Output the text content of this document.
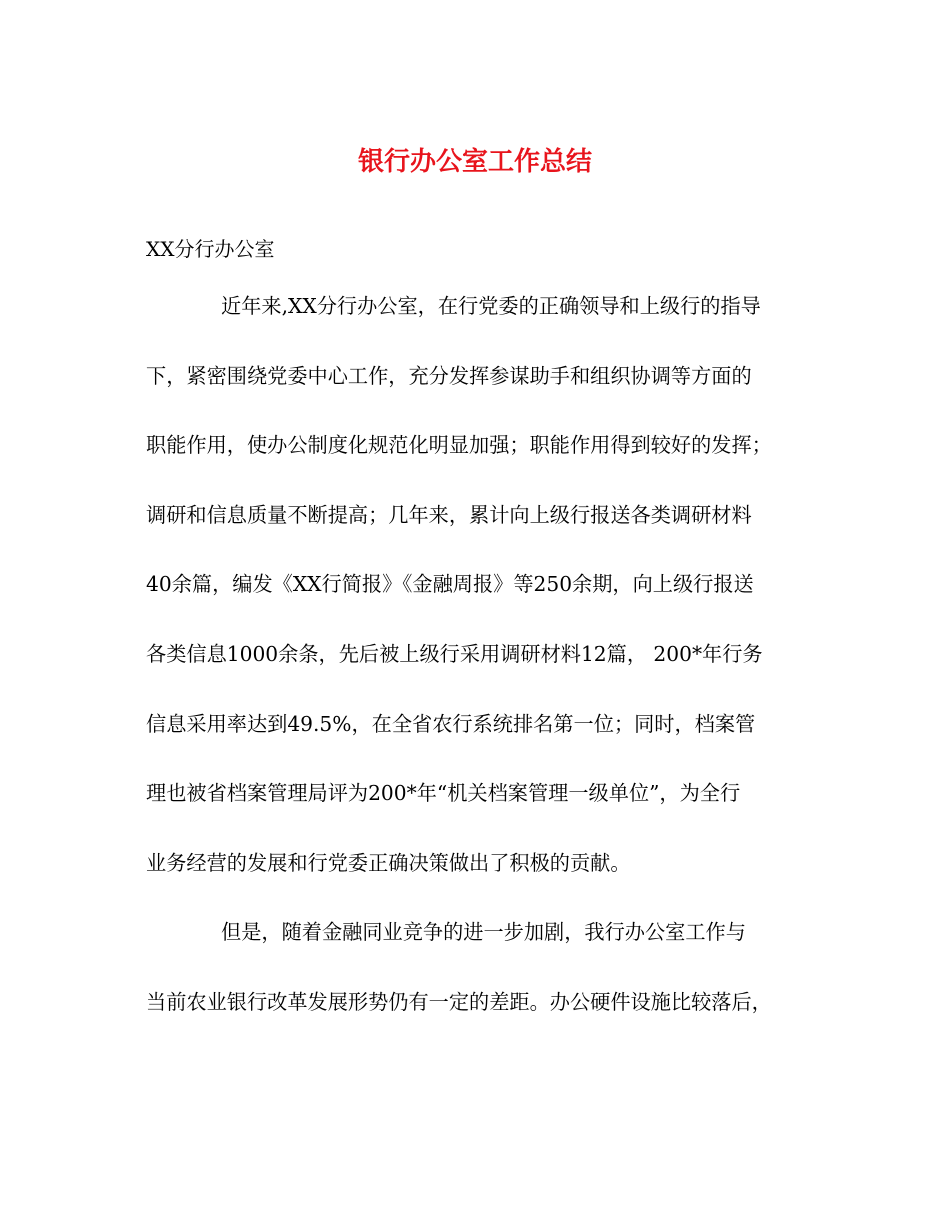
银行办公室工作总结

XX分行办公室

近年来,XX分行办公室，在行党委的正确领导和上级行的指导

下，紧密围绕党委中心工作，充分发挥参谋助手和组织协调等方面的

职能作用，使办公制度化规范化明显加强；职能作用得到较好的发挥；

调研和信息质量不断提高；几年来，累计向上级行报送各类调研材料

40余篇，编发《XX行简报》《金融周报》等250余期，向上级行报送

各类信息1000余条，先后被上级行采用调研材料12篇， 200*年行务

信息采用率达到49.5%，在全省农行系统排名第一位；同时，档案管

理也被省档案管理局评为200*年“机关档案管理一级单位”，为全行

业务经营的发展和行党委正确决策做出了积极的贡献。

但是，随着金融同业竞争的进一步加剧，我行办公室工作与

当前农业银行改革发展形势仍有一定的差距。办公硬件设施比较落后，
